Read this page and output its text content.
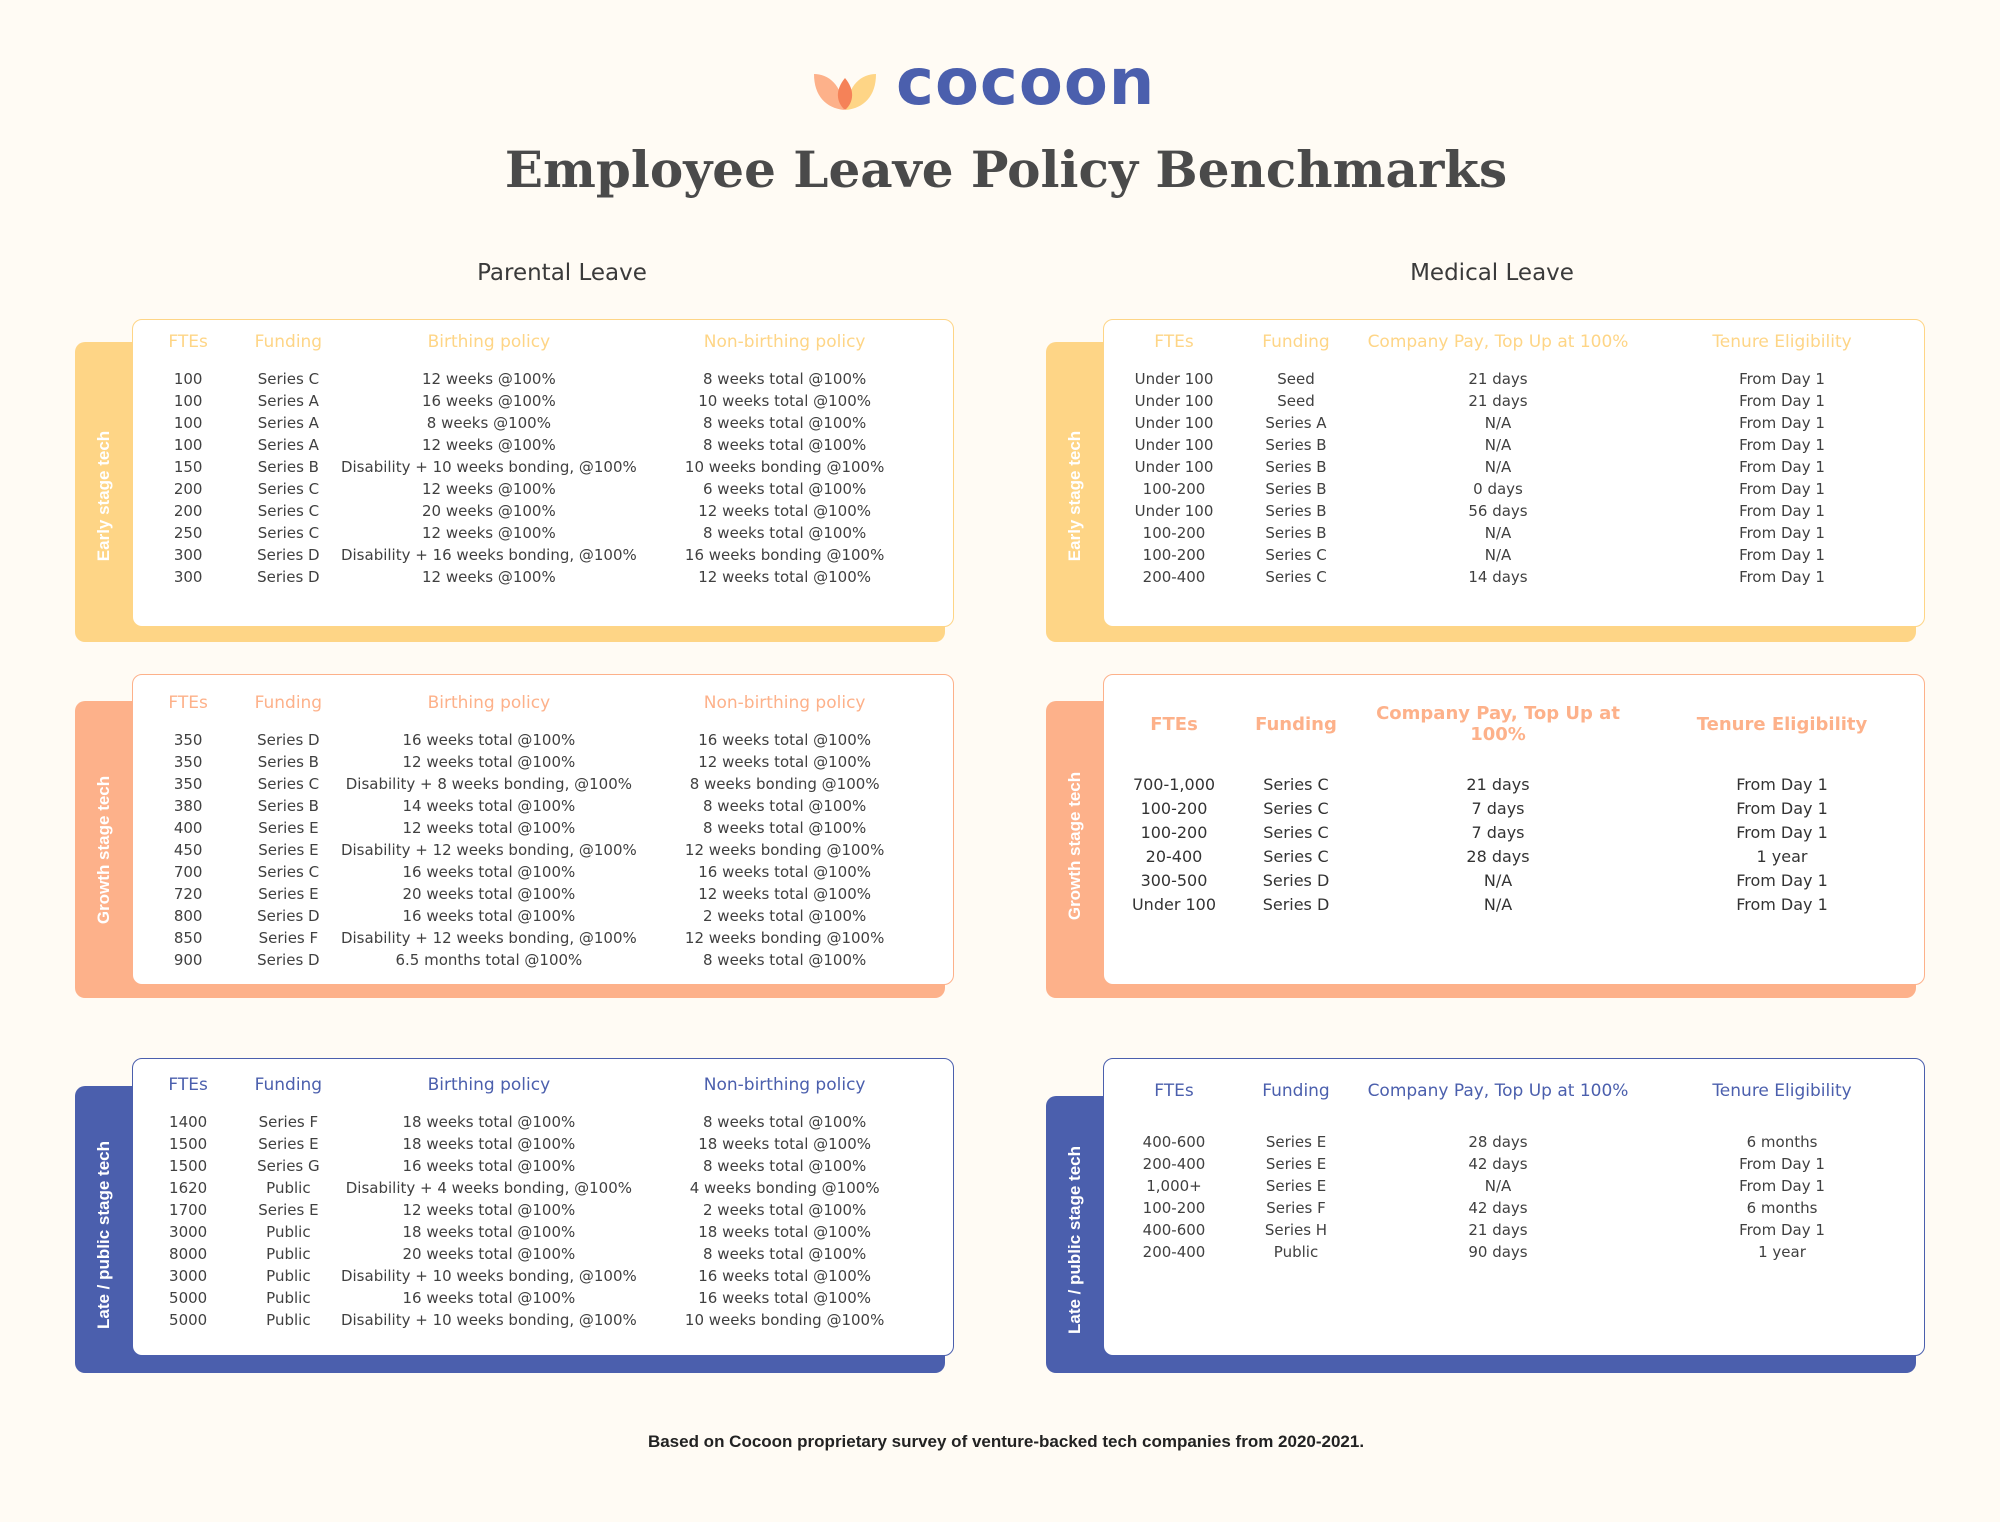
cocoon
Employee Leave Policy Benchmarks
Parental Leave	Medical Leave
Early stage tech
FTEs	Funding	Birthing policy	Non-birthing policy
100	Series C	12 weeks @100%	8 weeks total @100%
100	Series A	16 weeks @100%	10 weeks total @100%
100	Series A	8 weeks @100%	8 weeks total @100%
100	Series A	12 weeks @100%	8 weeks total @100%
150	Series B	Disability + 10 weeks bonding, @100%	10 weeks bonding @100%
200	Series C	12 weeks @100%	6 weeks total @100%
200	Series C	20 weeks @100%	12 weeks total @100%
250	Series C	12 weeks @100%	8 weeks total @100%
300	Series D	Disability + 16 weeks bonding, @100%	16 weeks bonding @100%
300	Series D	12 weeks @100%	12 weeks total @100%
Growth stage tech
FTEs	Funding	Birthing policy	Non-birthing policy
350	Series D	16 weeks total @100%	16 weeks total @100%
350	Series B	12 weeks total @100%	12 weeks total @100%
350	Series C	Disability + 8 weeks bonding, @100%	8 weeks bonding @100%
380	Series B	14 weeks total @100%	8 weeks total @100%
400	Series E	12 weeks total @100%	8 weeks total @100%
450	Series E	Disability + 12 weeks bonding, @100%	12 weeks bonding @100%
700	Series C	16 weeks total @100%	16 weeks total @100%
720	Series E	20 weeks total @100%	12 weeks total @100%
800	Series D	16 weeks total @100%	2 weeks total @100%
850	Series F	Disability + 12 weeks bonding, @100%	12 weeks bonding @100%
900	Series D	6.5 months total @100%	8 weeks total @100%
Late / public stage tech
FTEs	Funding	Birthing policy	Non-birthing policy
1400	Series F	18 weeks total @100%	8 weeks total @100%
1500	Series E	18 weeks total @100%	18 weeks total @100%
1500	Series G	16 weeks total @100%	8 weeks total @100%
1620	Public	Disability + 4 weeks bonding, @100%	4 weeks bonding @100%
1700	Series E	12 weeks total @100%	2 weeks total @100%
3000	Public	18 weeks total @100%	18 weeks total @100%
8000	Public	20 weeks total @100%	8 weeks total @100%
3000	Public	Disability + 10 weeks bonding, @100%	16 weeks total @100%
5000	Public	16 weeks total @100%	16 weeks total @100%
5000	Public	Disability + 10 weeks bonding, @100%	10 weeks bonding @100%
Early stage tech
FTEs	Funding	Company Pay, Top Up at 100%	Tenure Eligibility
Under 100	Seed	21 days	From Day 1
Under 100	Seed	21 days	From Day 1
Under 100	Series A	N/A	From Day 1
Under 100	Series B	N/A	From Day 1
Under 100	Series B	N/A	From Day 1
100-200	Series B	0 days	From Day 1
Under 100	Series B	56 days	From Day 1
100-200	Series B	N/A	From Day 1
100-200	Series C	N/A	From Day 1
200-400	Series C	14 days	From Day 1
Growth stage tech
FTEs	Funding	Company Pay, Top Up at 100%	Tenure Eligibility
700-1,000	Series C	21 days	From Day 1
100-200	Series C	7 days	From Day 1
100-200	Series C	7 days	From Day 1
20-400	Series C	28 days	1 year
300-500	Series D	N/A	From Day 1
Under 100	Series D	N/A	From Day 1
Late / public stage tech
FTEs	Funding	Company Pay, Top Up at 100%	Tenure Eligibility
400-600	Series E	28 days	6 months
200-400	Series E	42 days	From Day 1
1,000+	Series E	N/A	From Day 1
100-200	Series F	42 days	6 months
400-600	Series H	21 days	From Day 1
200-400	Public	90 days	1 year

Based on Cocoon proprietary survey of venture-backed tech companies from 2020-2021.
